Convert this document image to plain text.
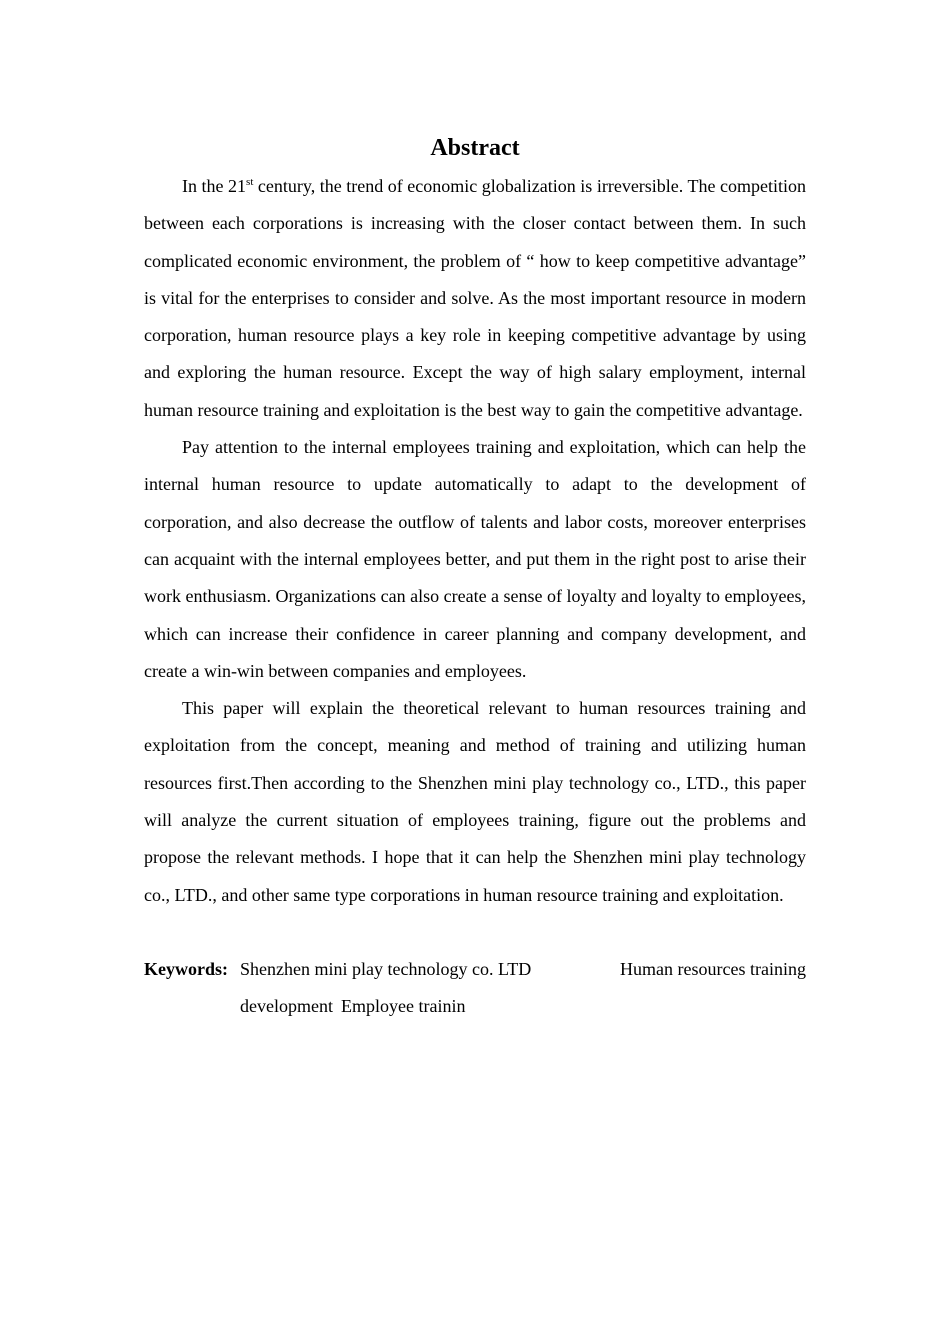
Abstract

In the 21st century, the trend of economic globalization is irreversible. The competition between each corporations is increasing with the closer contact between them. In such complicated economic environment, the problem of “ how to keep competitive advantage” is vital for the enterprises to consider and solve. As the most important resource in modern corporation, human resource plays a key role in keeping competitive advantage by using and exploring the human resource. Except the way of high salary employment, internal human resource training and exploitation is the best way to gain the competitive advantage.

Pay attention to the internal employees training and exploitation, which can help the internal human resource to update automatically to adapt to the development of corporation, and also decrease the outflow of talents and labor costs, moreover enterprises can acquaint with the internal employees better, and put them in the right post to arise their work enthusiasm. Organizations can also create a sense of loyalty and loyalty to employees, which can increase their confidence in career planning and company development, and create a win-win between companies and employees.

This paper will explain the theoretical relevant to human resources training and exploitation from the concept, meaning and method of training and utilizing human resources first.Then according to the Shenzhen mini play technology co., LTD., this paper will analyze the current situation of employees training, figure out the problems and propose the relevant methods. I hope that it can help the Shenzhen mini play technology co., LTD., and other same type corporations in human resource training and exploitation.

Keywords: Shenzhen mini play technology co. LTD	Human resources training
development Employee trainin
